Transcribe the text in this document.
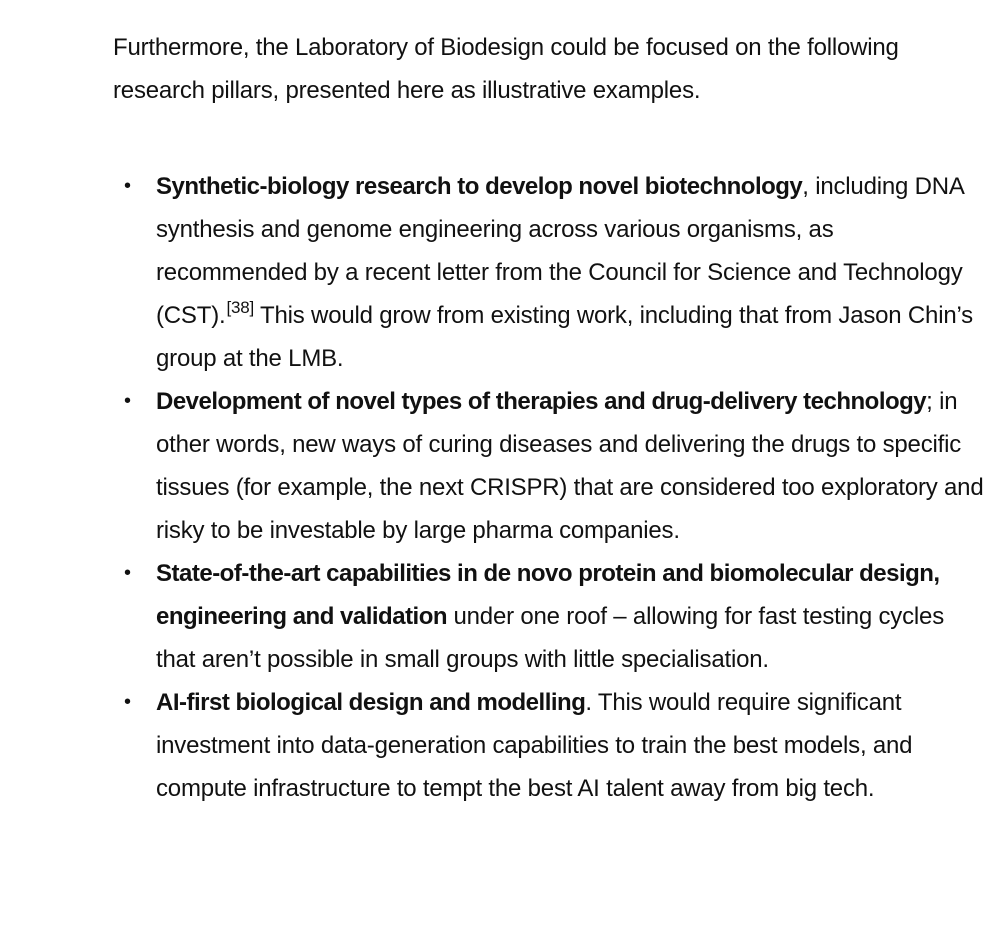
Furthermore, the Laboratory of Biodesign could be focused on the following research pillars, presented here as illustrative examples.

• Synthetic-biology research to develop novel biotechnology, including DNA synthesis and genome engineering across various organisms, as recommended by a recent letter from the Council for Science and Technology (CST).[38] This would grow from existing work, including that from Jason Chin’s group at the LMB.
• Development of novel types of therapies and drug-delivery technology; in other words, new ways of curing diseases and delivering the drugs to specific tissues (for example, the next CRISPR) that are considered too exploratory and risky to be investable by large pharma companies.
• State-of-the-art capabilities in de novo protein and biomolecular design, engineering and validation under one roof – allowing for fast testing cycles that aren’t possible in small groups with little specialisation.
• AI-first biological design and modelling. This would require significant investment into data-generation capabilities to train the best models, and compute infrastructure to tempt the best AI talent away from big tech.
